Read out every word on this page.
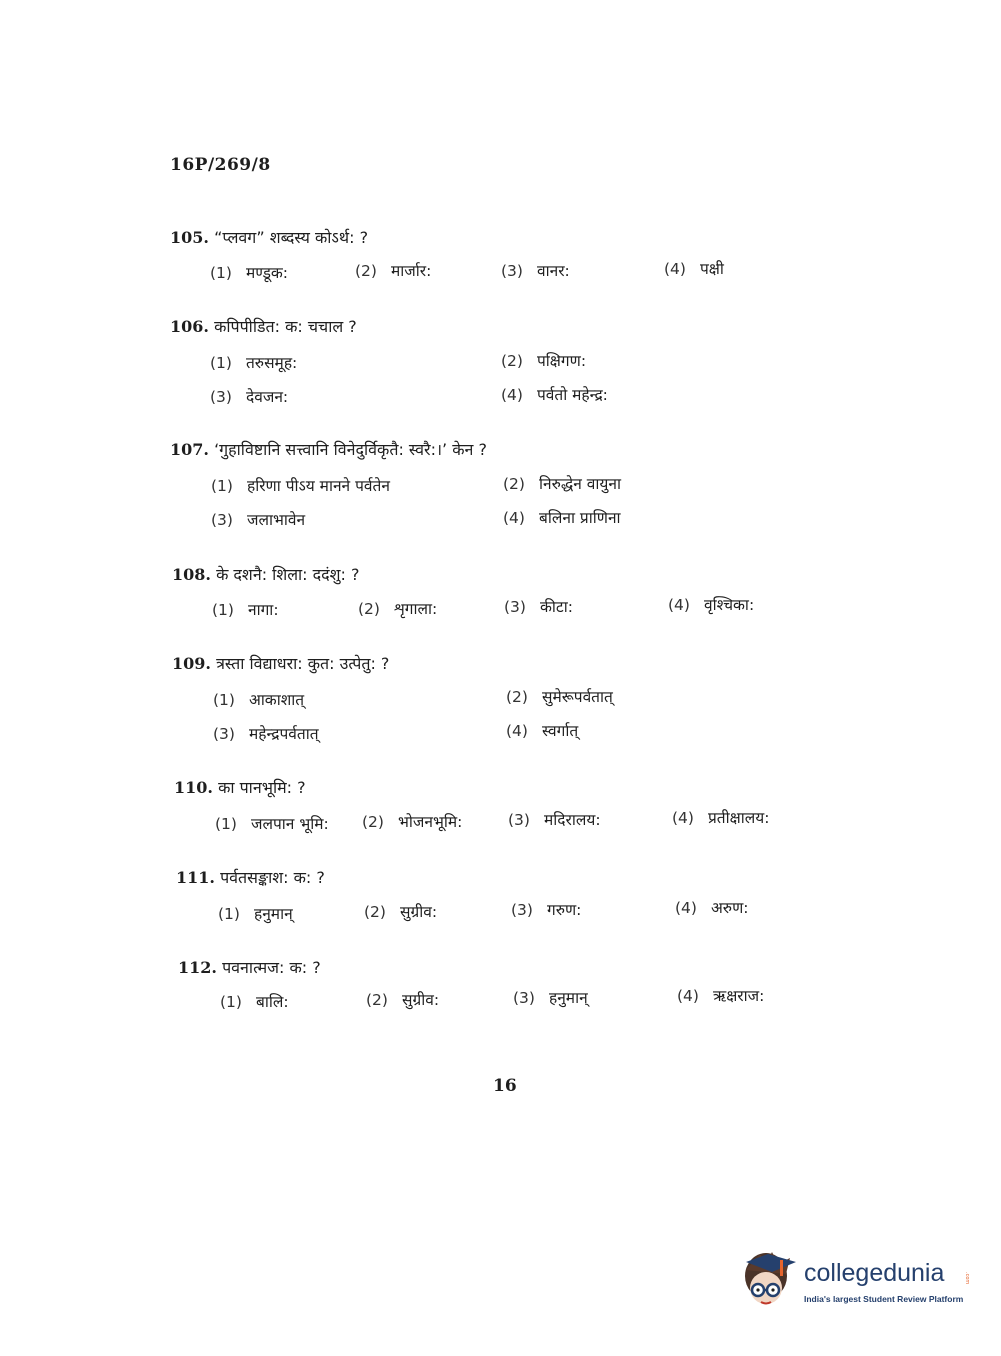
16P/269/8
105. “प्लवग” शब्दस्य कोऽर्थ: ?
(1) मण्डूक:	(2) मार्जार:	(3) वानर:	(4) पक्षी
106. कपिपीडित: क: चचाल ?
(1) तरुसमूह:	(2) पक्षिगण:
(3) देवजन:	(4) पर्वतो महेन्द्र:
107. ‘गुहाविष्टानि सत्त्वानि विनेदुर्विकृतै: स्वरै:।’ केन ?
(1) हरिणा पीऽय मानने पर्वतेन	(2) निरुद्धेन वायुना
(3) जलाभावेन	(4) बलिना प्राणिना
108. के दशनै: शिला: ददंशु: ?
(1) नागा:	(2) शृगाला:	(3) कीटा:	(4) वृश्चिका:
109. त्रस्ता विद्याधरा: कुत: उत्पेतु: ?
(1) आकाशात्	(2) सुमेरूपर्वतात्
(3) महेन्द्रपर्वतात्	(4) स्वर्गात्
110. का पानभूमि: ?
(1) जलपान भूमि: (2) भोजनभूमि:	(3) मदिरालय:	(4) प्रतीक्षालय:
111. पर्वतसङ्काश: क: ?
(1) हनुमान्	(2) सुग्रीव:	(3) गरुण:	(4) अरुण:
112. पवनात्मज: क: ?
(1) बालि:	(2) सुग्रीव:	(3) हनुमान्	(4) ऋक्षराज:
16
collegedunia	.com
India's largest Student Review Platform
